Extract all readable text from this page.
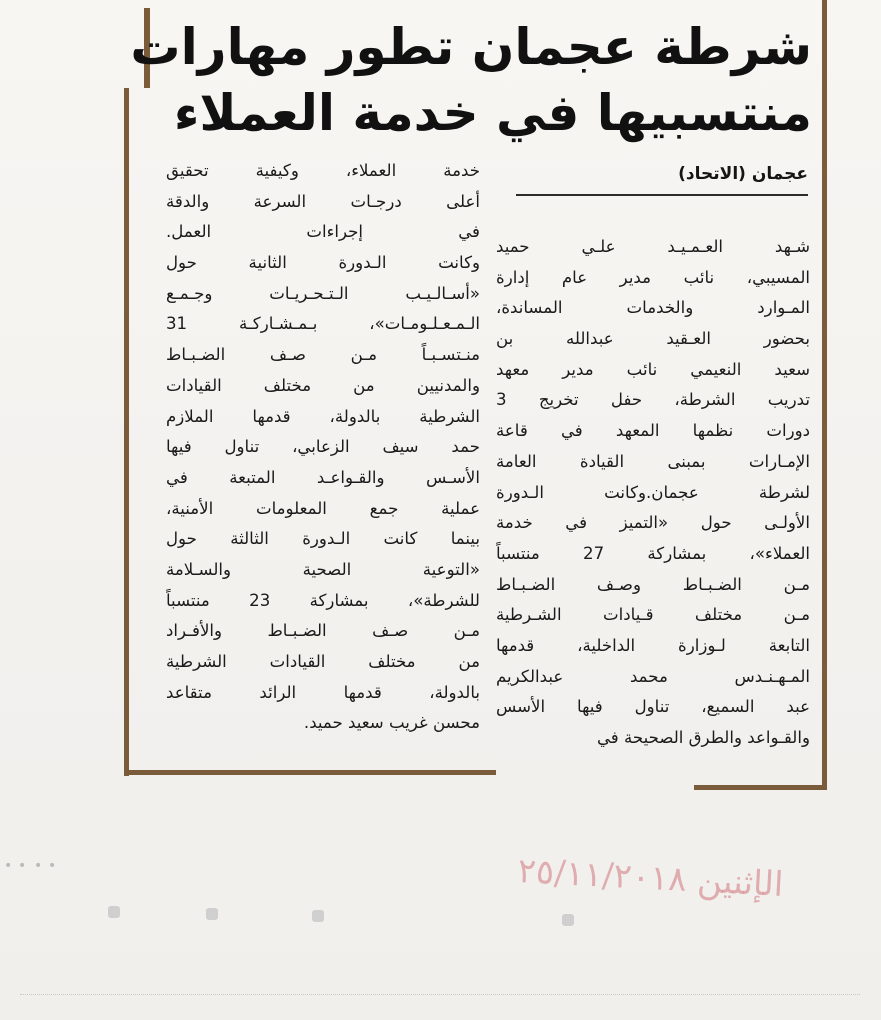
شرطة عجمان تطور مهارات
منتسبيها في خدمة العملاء
عجمان (الاتحاد)
شـهد العـمـيـد علـي حميد
المسيبي، نائب مدير عام إدارة
المـوارد والخدمات المساندة،
بحضور العـقيد عبدالله بن
سعيد النعيمي نائب مدير معهد
تدريب الشرطة، حفل تخريج 3
دورات نظمها المعهد في قاعة
الإمـارات بمبنى القيادة العامة
لشرطة عجمان.وكانت الـدورة
الأولـى حول «التميز في خدمة
العملاء»، بمشاركة 27 منتسباً
مـن الضـبـاط وصـف الضـبـاط
مـن مختلف قـيادات الشـرطية
التابعة لـوزارة الداخلية، قدمها
المـهـنـدس محمد عبدالكريم
عبد السميع، تناول فيها الأسس
والقـواعد والطرق الصحيحة في
خدمة العملاء، وكيفية تحقيق
أعلى درجـات السرعة والدقة
في إجراءات العمل.
وكانت الـدورة الثانية حول
«أسـالـيـب الـتـحـريـات وجـمـع
الـمـعـلـومـات»، بـمـشـاركـة 31
منـتسـبـاً مـن صـف الضـبـاط
والمدنيين من مختلف القيادات
الشرطية بالدولة، قدمها الملازم
حمد سيف الزعابي، تناول فيها
الأسـس والقـواعـد المتبعة في
عملية جمع المعلومات الأمنية،
بينما كانت الـدورة الثالثة حول
«التوعية الصحية والسـلامة
للشرطة»، بمشاركة 23 منتسباً
مـن صـف الضـبـاط والأفـراد
من مختلف القيادات الشرطية
بالدولة، قدمها الرائد متقاعد
محسن غريب سعيد حميد.
الإثنين ٢٥/١١/٢٠١٨
• • • •
